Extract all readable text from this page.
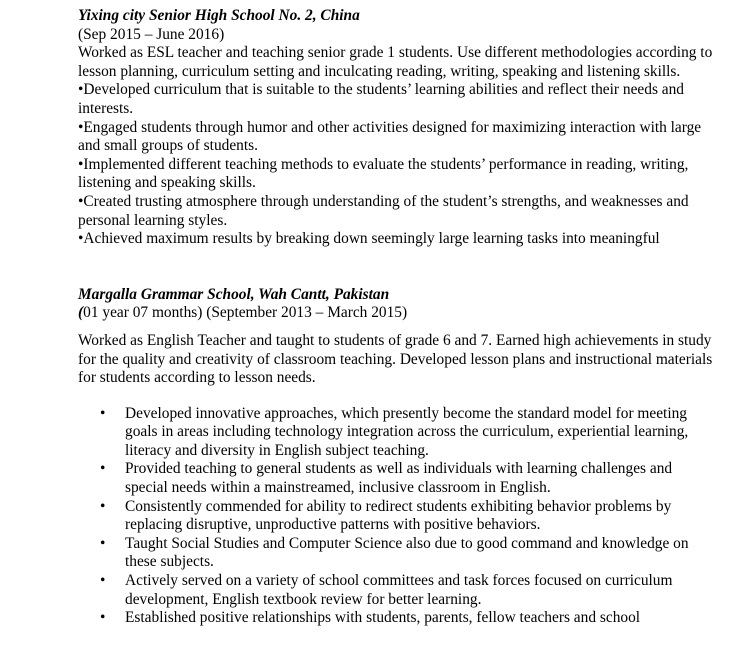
Yixing city Senior High School No. 2, China

(Sep 2015 – June 2016)

Worked as ESL teacher and teaching senior grade 1 students. Use different methodologies according to lesson planning, curriculum setting and inculcating reading, writing, speaking and listening skills.

•Developed curriculum that is suitable to the students’ learning abilities and reflect their needs and interests.

•Engaged students through humor and other activities designed for maximizing interaction with large and small groups of students.

•Implemented different teaching methods to evaluate the students’ performance in reading, writing, listening and speaking skills.

•Created trusting atmosphere through understanding of the student’s strengths, and weaknesses and personal learning styles.

•Achieved maximum results by breaking down seemingly large learning tasks into meaningful

Margalla Grammar School, Wah Cantt, Pakistan

(01 year 07 months) (September 2013 – March 2015)

Worked as English Teacher and taught to students of grade 6 and 7. Earned high achievements in study for the quality and creativity of classroom teaching. Developed lesson plans and instructional materials for students according to lesson needs.

• Developed innovative approaches, which presently become the standard model for meeting goals in areas including technology integration across the curriculum, experiential learning, literacy and diversity in English subject teaching.
• Provided teaching to general students as well as individuals with learning challenges and special needs within a mainstreamed, inclusive classroom in English.
• Consistently commended for ability to redirect students exhibiting behavior problems by replacing disruptive, unproductive patterns with positive behaviors.
• Taught Social Studies and Computer Science also due to good command and knowledge on these subjects.
• Actively served on a variety of school committees and task forces focused on curriculum development, English textbook review for better learning.
• Established positive relationships with students, parents, fellow teachers and school
